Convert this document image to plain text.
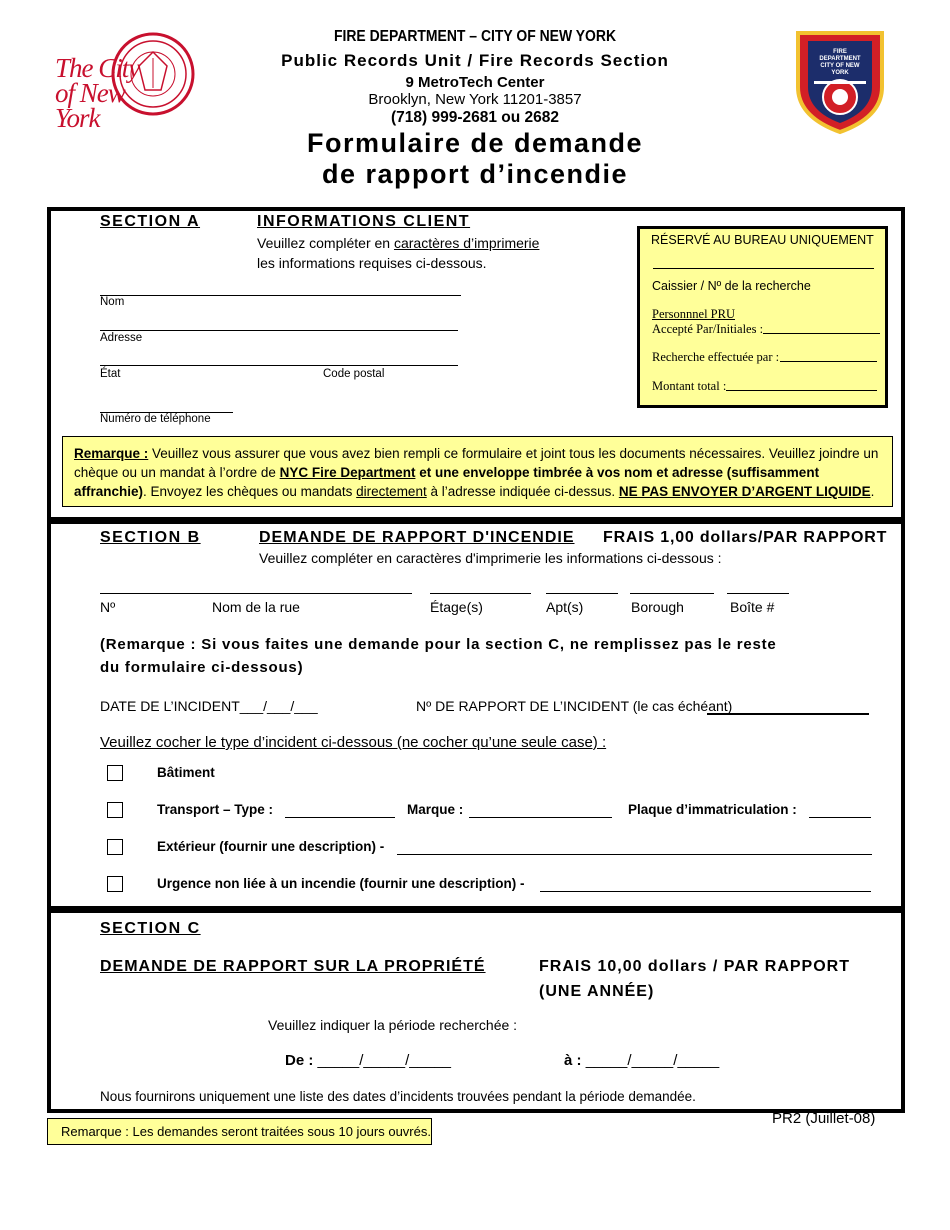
The City of New York
FIRE DEPARTMENT CITY OF NEW YORK
FIRE DEPARTMENT – CITY OF NEW YORK
Public Records Unit / Fire Records Section
9 MetroTech Center
Brooklyn, New York 11201-3857
(718) 999-2681 ou 2682
Formulaire de demande
de rapport d’incendie
SECTION A	INFORMATIONS CLIENT
Veuillez compléter en caractères d’imprimerie
les informations requises ci-dessous.
Nom
Adresse
État	Code postal
Numéro de téléphone
RÉSERVÉ AU BUREAU UNIQUEMENT
Caissier / Nº de la recherche
Personnnel PRU
Accepté Par/Initiales :
Recherche effectuée par :
Montant total :
Remarque : Veuillez vous assurer que vous avez bien rempli ce formulaire et joint tous les documents nécessaires. Veuillez joindre un chèque ou un mandat à l’ordre de NYC Fire Department et une enveloppe timbrée à vos nom et adresse (suffisamment affranchie). Envoyez les chèques ou mandats directement à l’adresse indiquée ci-dessus. NE PAS ENVOYER D’ARGENT LIQUIDE.
SECTION B	DEMANDE DE RAPPORT D'INCENDIE FRAIS 1,00 dollars/PAR RAPPORT
Veuillez compléter en caractères d'imprimerie les informations ci-dessous :
Nº	Nom de la rue	Étage(s)	Apt(s)	Borough	Boîte #
(Remarque : Si vous faites une demande pour la section C, ne remplissez pas le reste
du formulaire ci-dessous)
DATE DE L’INCIDENT___/___/___	Nº DE RAPPORT DE L’INCIDENT (le cas échéant)
Veuillez cocher le type d’incident ci-dessous (ne cocher qu’une seule case) :
Bâtiment
Transport – Type :	Marque :	Plaque d’immatriculation :
Extérieur (fournir une description) -
Urgence non liée à un incendie (fournir une description) -
SECTION C
DEMANDE DE RAPPORT SUR LA PROPRIÉTÉ	FRAIS 10,00 dollars / PAR RAPPORT
(UNE ANNÉE)
Veuillez indiquer la période recherchée :
De : _____/_____/_____	à : _____/_____/_____
Nous fournirons uniquement une liste des dates d’incidents trouvées pendant la période demandée.
Remarque : Les demandes seront traitées sous 10 jours ouvrés.
PR2 (Juillet-08)
